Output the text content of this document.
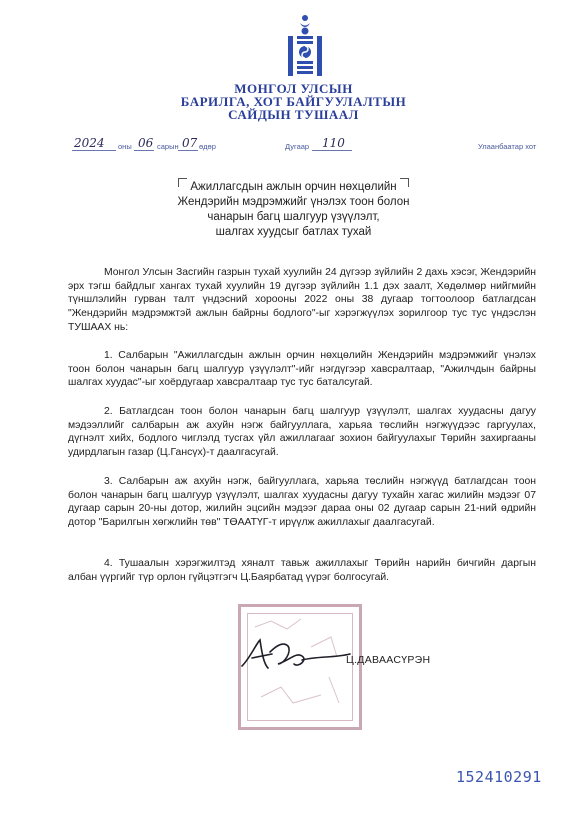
МОНГОЛ УЛСЫН
БАРИЛГА, ХОТ БАЙГУУЛАЛТЫН
САЙДЫН ТУШААЛ
2024 оны 06 сарын 07 өдөр	Дугаар 110	Улаанбаатар хот
Ажиллагсдын ажлын орчин нөхцөлийн
Жендэрийн мэдрэмжийг үнэлэх тоон болон
чанарын багц шалгуур үзүүлэлт,
шалгах хуудсыг батлах тухай
Монгол Улсын Засгийн газрын тухай хуулийн 24 дүгээр зүйлийн 2 дахь хэсэг, Жендэрийн эрх тэгш байдлыг хангах тухай хуулийн 19 дүгээр зүйлийн 1.1 дэх заалт, Хөдөлмөр нийгмийн түншлэлийн гурван талт үндэсний хорооны 2022 оны 38 дугаар тогтоолоор батлагдсан "Жендэрийн мэдрэмжтэй ажлын байрны бодлого"-ыг хэрэгжүүлэх зорилгоор тус тус үндэслэн ТУШААХ нь:
1. Салбарын "Ажиллагсдын ажлын орчин нөхцөлийн Жендэрийн мэдрэмжийг үнэлэх тоон болон чанарын багц шалгуур үзүүлэлт"-ийг нэгдүгээр хавсралтаар, "Ажилчдын байрны шалгах хуудас"-ыг хоёрдугаар хавсралтаар тус тус баталсугай.
2. Батлагдсан тоон болон чанарын багц шалгуур үзүүлэлт, шалгах хуудасны дагуу мэдээллийг салбарын аж ахуйн нэгж байгууллага, харьяа төслийн нэгжүүдээс гаргуулах, дүгнэлт хийх, бодлого чиглэлд тусгах үйл ажиллагааг зохион байгуулахыг Төрийн захиргааны удирдлагын газар (Ц.Гансүх)-т даалгасугай.
3. Салбарын аж ахуйн нэгж, байгууллага, харьяа төслийн нэгжүүд батлагдсан тоон болон чанарын багц шалгуур үзүүлэлт, шалгах хуудасны дагуу тухайн хагас жилийн мэдээг 07 дугаар сарын 20-ны дотор, жилийн эцсийн мэдээг дараа оны 02 дугаар сарын 21-ний өдрийн дотор "Барилгын хөгжлийн төв" ТӨААТҮГ-т ирүүлж ажиллахыг даалгасугай.
4. Тушаалын хэрэгжилтэд хяналт тавьж ажиллахыг Төрийн нарийн бичгийн даргын албан үүргийг түр орлон гүйцэтгэгч Ц.Баярбатад үүрэг болгосугай.
Ц.ДАВААСҮРЭН
152410291
